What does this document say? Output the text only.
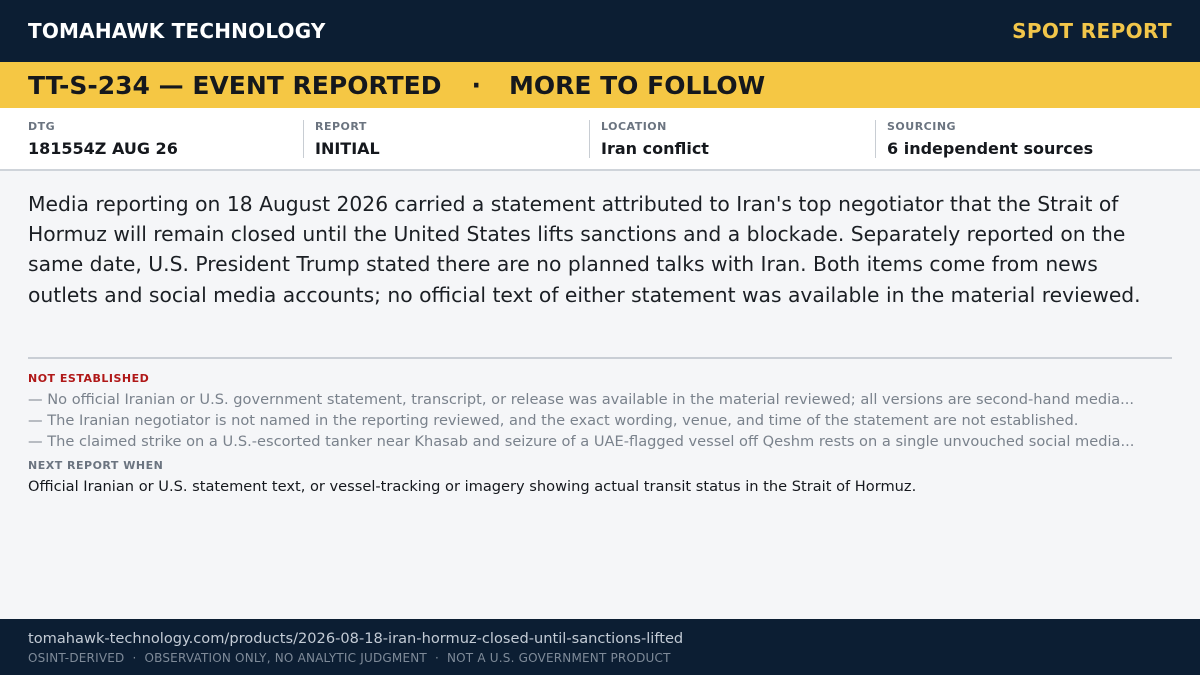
TOMAHAWK TECHNOLOGY	SPOT REPORT
TT-S-234 — EVENT REPORTED · MORE TO FOLLOW
DTG
181554Z AUG 26
REPORT
INITIAL
LOCATION
Iran conflict
SOURCING
6 independent sources

Media reporting on 18 August 2026 carried a statement attributed to Iran's top negotiator that the Strait of Hormuz will remain closed until the United States lifts sanctions and a blockade. Separately reported on the same date, U.S. President Trump stated there are no planned talks with Iran. Both items come from news outlets and social media accounts; no official text of either statement was available in the material reviewed.

NOT ESTABLISHED
— No official Iranian or U.S. government statement, transcript, or release was available in the material reviewed; all versions are second-hand media...
— The Iranian negotiator is not named in the reporting reviewed, and the exact wording, venue, and time of the statement are not established.
— The claimed strike on a U.S.-escorted tanker near Khasab and seizure of a UAE-flagged vessel off Qeshm rests on a single unvouched social media...
NEXT REPORT WHEN
Official Iranian or U.S. statement text, or vessel-tracking or imagery showing actual transit status in the Strait of Hormuz.
tomahawk-technology.com/products/2026-08-18-iran-hormuz-closed-until-sanctions-lifted
OSINT-DERIVED · OBSERVATION ONLY, NO ANALYTIC JUDGMENT · NOT A U.S. GOVERNMENT PRODUCT
